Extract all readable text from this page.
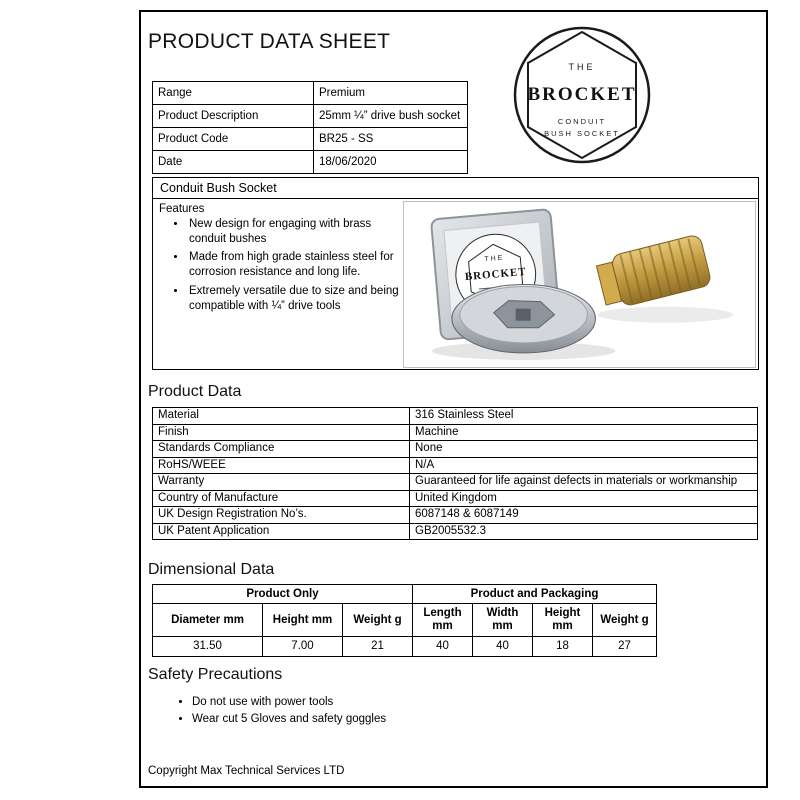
PRODUCT DATA SHEET
THE
BROCKET
CONDUIT
BUSH SOCKET
Range	Premium
Product Description	25mm ¼” drive bush socket
Product Code	BR25 - SS
Date	18/06/2020
Conduit Bush Socket
Features
• New design for engaging with brass conduit bushes
• Made from high grade stainless steel for corrosion resistance and long life.
• Extremely versatile due to size and being compatible with ¼” drive tools
THE
BROCKET
Product Data
Material	316 Stainless Steel
Finish	Machine
Standards Compliance	None
RoHS/WEEE	N/A
Warranty	Guaranteed for life against defects in materials or workmanship
Country of Manufacture	United Kingdom
UK Design Registration No’s.	6087148 & 6087149
UK Patent Application	GB2005532.3
Dimensional Data
Product Only			Product and Packaging			
Diameter mm	Height mm	Weight g	Length mm	Width mm	Height mm	Weight g
31.50	7.00	21	40	40	18	27
Safety Precautions
• Do not use with power tools
• Wear cut 5 Gloves and safety goggles
Copyright Max Technical Services LTD
